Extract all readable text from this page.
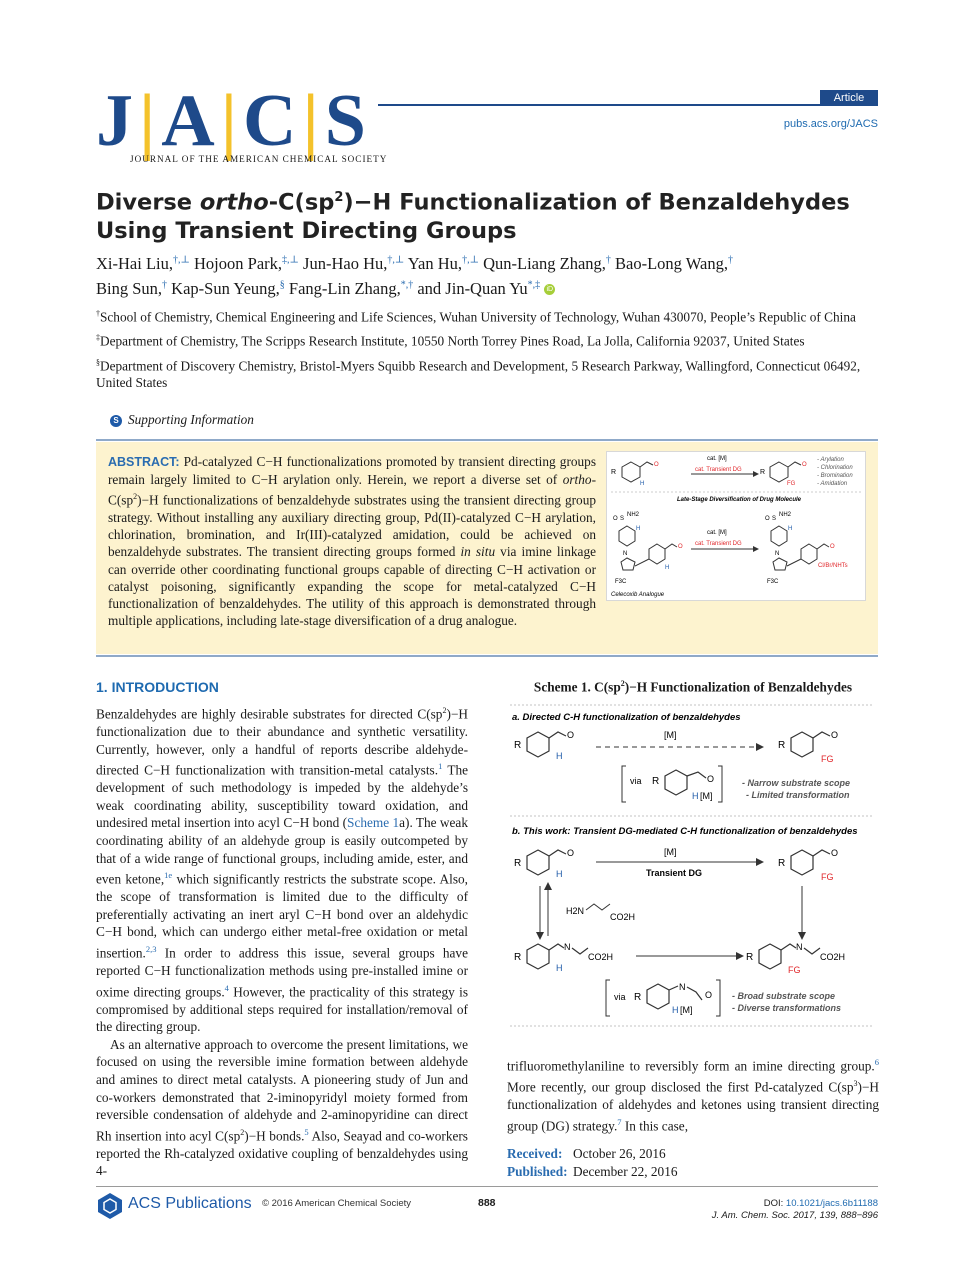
J|A|C|S
JOURNAL OF THE AMERICAN CHEMICAL SOCIETY
Article
pubs.acs.org/JACS
Diverse ortho-$C(sp^2)-H$ Functionalization of Benzaldehydes Using Transient Directing Groups
Xi-Hai Liu,†,⊥ Hojoon Park,‡,⊥ Jun-Hao Hu,†,⊥ Yan Hu,†,⊥ Qun-Liang Zhang,† Bao-Long Wang,†
Bing Sun,† Kap-Sun Yeung,§ Fang-Lin Zhang,*,† and Jin-Quan Yu*,‡ iD

†School of Chemistry, Chemical Engineering and Life Sciences, Wuhan University of Technology, Wuhan 430070, People’s Republic of China

‡Department of Chemistry, The Scripps Research Institute, 10550 North Torrey Pines Road, La Jolla, California 92037, United States

§Department of Discovery Chemistry, Bristol-Myers Squibb Research and Development, 5 Research Parkway, Wallingford, Connecticut 06492, United States

S Supporting Information
ABSTRACT: Pd-catalyzed C−H functionalizations promoted by transient directing groups remain largely limited to C−H arylation only. Herein, we report a diverse set of ortho-$C(sp^2)-H$ functionalizations of benzaldehyde substrates using the transient directing group strategy. Without installing any auxiliary directing group, Pd(II)-catalyzed C−H arylation, chlorination, bromination, and Ir(III)-catalyzed amidation, could be achieved on benzaldehyde substrates. The transient directing groups formed in situ via imine linkage can override other coordinating functional groups capable of directing C−H activation or catalyst poisoning, significantly expanding the scope for metal-catalyzed C−H functionalization of benzaldehydes. The utility of this approach is demonstrated through multiple applications, including late-stage diversification of a drug analogue.
R
O
H
cat. [M]
cat. Transient DG	R
O
FG
- Arylation
- Chlorination
- Bromination
- Amidation
Late-Stage Diversification of Drug Molecule
O S
NH2
H
N
F3C
O
H
Celecoxib Analogue
cat. [M]
cat. Transient DG
O S
NH2
H
N
F3C
O
Cl/Br/NHTs
1. INTRODUCTION

Benzaldehydes are highly desirable substrates for directed $C(sp^2)-H$ functionalization due to their abundance and synthetic versatility. Currently, however, only a handful of reports describe aldehyde-directed C−H functionalization with transition-metal catalysts.$^1$ The development of such methodology is impeded by the aldehyde’s weak coordinating ability, susceptibility toward oxidation, and undesired metal insertion into acyl C−H bond (Scheme 1a). The weak coordinating ability of an aldehyde group is easily outcompeted by that of a wide range of functional groups, including amide, ester, and even ketone,$^{1e}$ which significantly restricts the substrate scope. Also, the scope of transformation is limited due to the difficulty of preferentially activating an inert aryl C−H bond over an aldehydic C−H bond, which can undergo either metal-free oxidation or metal insertion.$^{2,3}$ In order to address this issue, several groups have reported C−H functionalization methods using pre-installed imine or oxime directing groups.$^4$ However, the practicality of this strategy is compromised by additional steps required for installation/removal of the directing group.

As an alternative approach to overcome the present limitations, we focused on using the reversible imine formation between aldehyde and amines to direct metal catalysts. A pioneering study of Jun and co-workers demonstrated that 2-iminopyridyl moiety formed from reversible condensation of aldehyde and 2-aminopyridine can direct Rh insertion into acyl $C(sp^2)-H$ bonds.$^5$ Also, Seayad and co-workers reported the Rh-catalyzed oxidative coupling of benzaldehydes using 4-

Scheme 1. $C(sp^2)-H$ Functionalization of Benzaldehydes
a. Directed C-H functionalization of benzaldehydes
R
O
H
[M]
R
O
FG
via R	O
H [M]
- Narrow substrate scope
- Limited transformation
b. This work: Transient DG-mediated C-H functionalization of benzaldehydes
R
O
H
[M]
Transient DG
R
O
FG
H2N
CO2H
R
N
CO2H
H
R
N
CO2H
FG
via R
N
O
H [M]
- Broad substrate scope
- Diverse transformations
trifluoromethylaniline to reversibly form an imine directing group.$^6$ More recently, our group disclosed the first Pd-catalyzed $C(sp^3)-H$ functionalization of aldehydes and ketones using transient directing group (DG) strategy.$^7$ In this case,
Received: October 26, 2016
Published: December 22, 2016
ACS Publications © 2016 American Chemical Society	888	DOI: 10.1021/jacs.6b11188
J. Am. Chem. Soc. 2017, 139, 888−896
